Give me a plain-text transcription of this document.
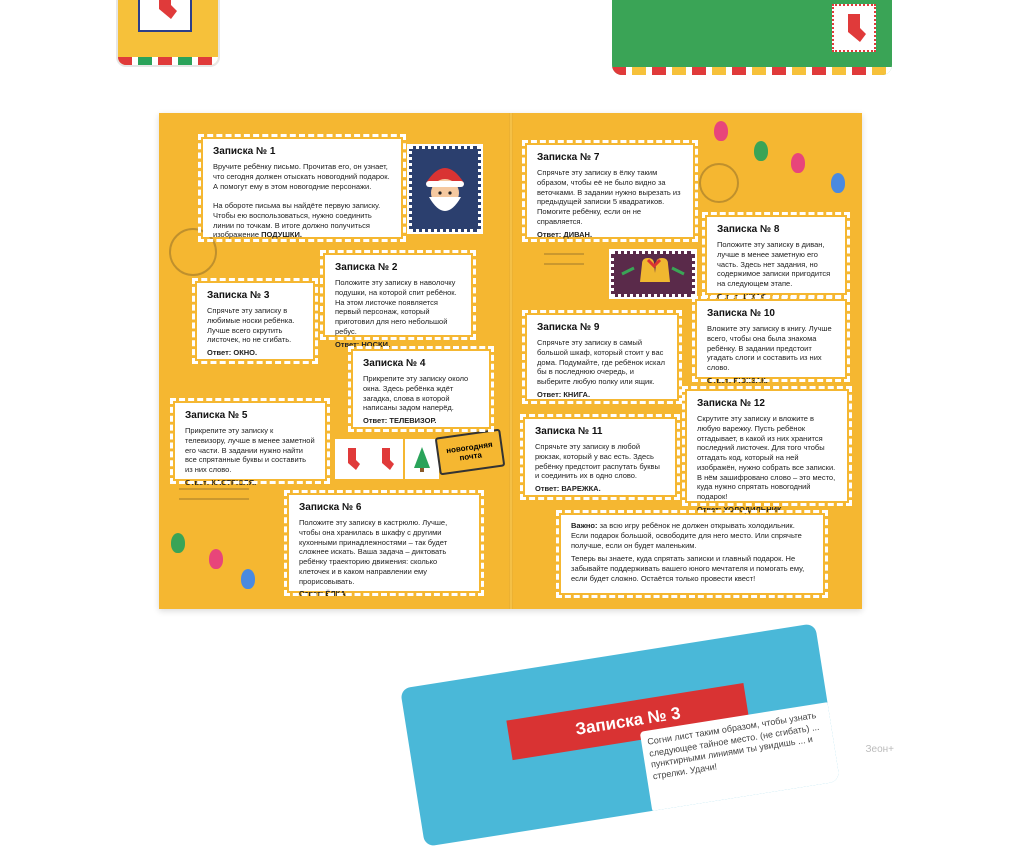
новогодняя почта
Записка № 1
Вручите ребёнку письмо. Прочитав его, он узнает, что сегодня должен отыскать новогодний подарок. А помогут ему в этом новогодние персонажи.

На обороте письма вы найдёте первую записку. Чтобы ею воспользоваться, нужно соединить линии по точкам. В итоге должно получиться изображение ПОДУШКИ.
Записка № 2
Положите эту записку в наволочку подушки, на которой спит ребёнок. На этом листочке появляется первый персонаж, который приготовил для него небольшой ребус.
Ответ: НОСКИ.
Записка № 3
Спрячьте эту записку в любимые носки ребёнка. Лучше всего скрутить листочек, но не сгибать.
Ответ: ОКНО.
Записка № 4
Прикрепите эту записку около окна. Здесь ребёнка ждёт загадка, слова в которой написаны задом наперёд.
Ответ: ТЕЛЕВИЗОР.
Записка № 5
Прикрепите эту записку к телевизору, лучше в менее заметной его части. В задании нужно найти все спрятанные буквы и составить из них слово.
Ответ: КАСТРЮЛЯ.
Записка № 6
Положите эту записку в кастрюлю. Лучше, чтобы она хранилась в шкафу с другими кухонными принадлежностями – так будет сложнее искать. Ваша задача – диктовать ребёнку траекторию движения: сколько клеточек и в каком направлении ему прорисовывать.
Ответ: ЁЛКА.
Записка № 7
Спрячьте эту записку в ёлку таким образом, чтобы её не было видно за веточками. В задании нужно вырезать из предыдущей записки 5 квадратиков. Помогите ребёнку, если он не справляется.
Ответ: ДИВАН.	Записка № 8
Положите эту записку в диван, лучше в менее заметную его часть. Здесь нет задания, но содержимое записки пригодится на следующем этапе.
Ответ: ШКАФ.
Записка № 9
Спрячьте эту записку в самый большой шкаф, который стоит у вас дома. Подумайте, где ребёнок искал бы в последнюю очередь, и выберите любую полку или ящик.
Ответ: КНИГА.
Записка № 10
Вложите эту записку в книгу. Лучше всего, чтобы она была знакома ребёнку. В задании предстоит угадать слоги и составить из них слово.
Ответ: РЮКЗАК.
Записка № 11
Спрячьте эту записку в любой рюкзак, который у вас есть. Здесь ребёнку предстоит распутать буквы и соединить их в одно слово.
Ответ: ВАРЕЖКА.
Записка № 12
Скрутите эту записку и вложите в любую варежку. Пусть ребёнок отгадывает, в какой из них хранится последний листочек. Для того чтобы отгадать код, который на ней изображён, нужно собрать все записки. В нём зашифровано слово – это место, куда нужно спрятать новогодний подарок!
Ответ: ХОЛОДИЛЬНИК.
Важно: за всю игру ребёнок не должен открывать холодильник. Если подарок большой, освободите для него место. Или спрячьте получше, если он будет маленьким.
Теперь вы знаете, куда спрятать записки и главный подарок. Не забывайте поддерживать вашего юного мечтателя и помогать ему, если будет сложно. Остаётся только провести квест!
Записка № 3
Согни лист таким образом, чтобы узнать следующее тайное место. (не сгибать) ... пунктирными линиями ты увидишь ... и стрелки. Удачи!
Зеон+
